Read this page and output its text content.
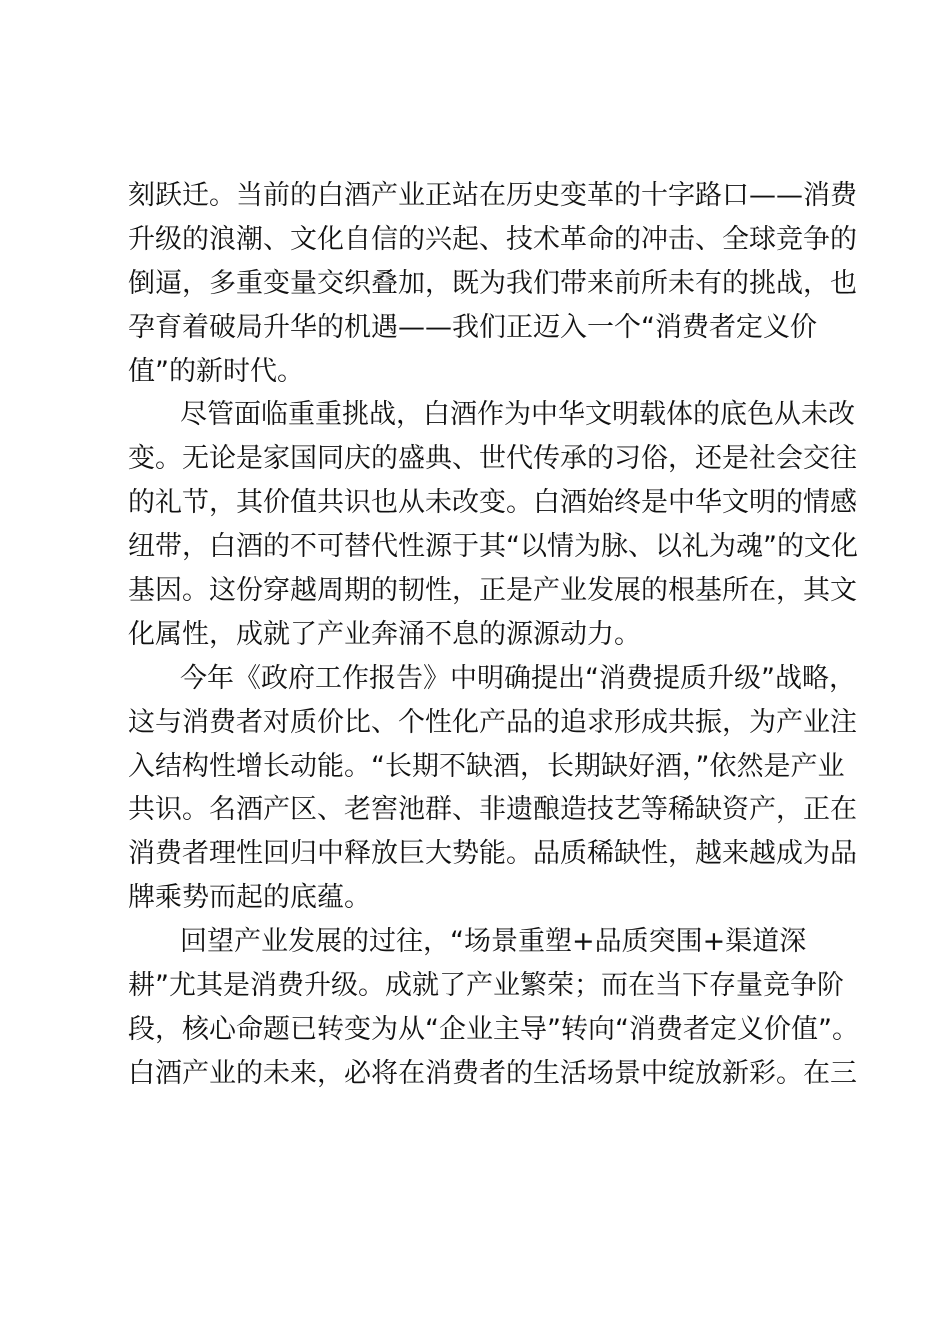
刻跃迁。当前的白酒产业正站在历史变革的十字路口——消费
升级的浪潮、文化自信的兴起、技术革命的冲击、全球竞争的
倒逼，多重变量交织叠加，既为我们带来前所未有的挑战，也
孕育着破局升华的机遇——我们正迈入一个“消费者定义价
值”的新时代。
尽管面临重重挑战，白酒作为中华文明载体的底色从未改
变。无论是家国同庆的盛典、世代传承的习俗，还是社会交往
的礼节，其价值共识也从未改变。白酒始终是中华文明的情感
纽带，白酒的不可替代性源于其“以情为脉、以礼为魂”的文化
基因。这份穿越周期的韧性，正是产业发展的根基所在，其文
化属性，成就了产业奔涌不息的源源动力。
今年《政府工作报告》中明确提出“消费提质升级”战略，
这与消费者对质价比、个性化产品的追求形成共振，为产业注
入结构性增长动能。“长期不缺酒，长期缺好酒，”依然是产业
共识。名酒产区、老窖池群、非遗酿造技艺等稀缺资产，正在
消费者理性回归中释放巨大势能。品质稀缺性，越来越成为品
牌乘势而起的底蕴。
回望产业发展的过往，“场景重塑+品质突围+渠道深
耕”尤其是消费升级。成就了产业繁荣；而在当下存量竞争阶
段，核心命题已转变为从“企业主导”转向“消费者定义价值”。
白酒产业的未来，必将在消费者的生活场景中绽放新彩。在三
